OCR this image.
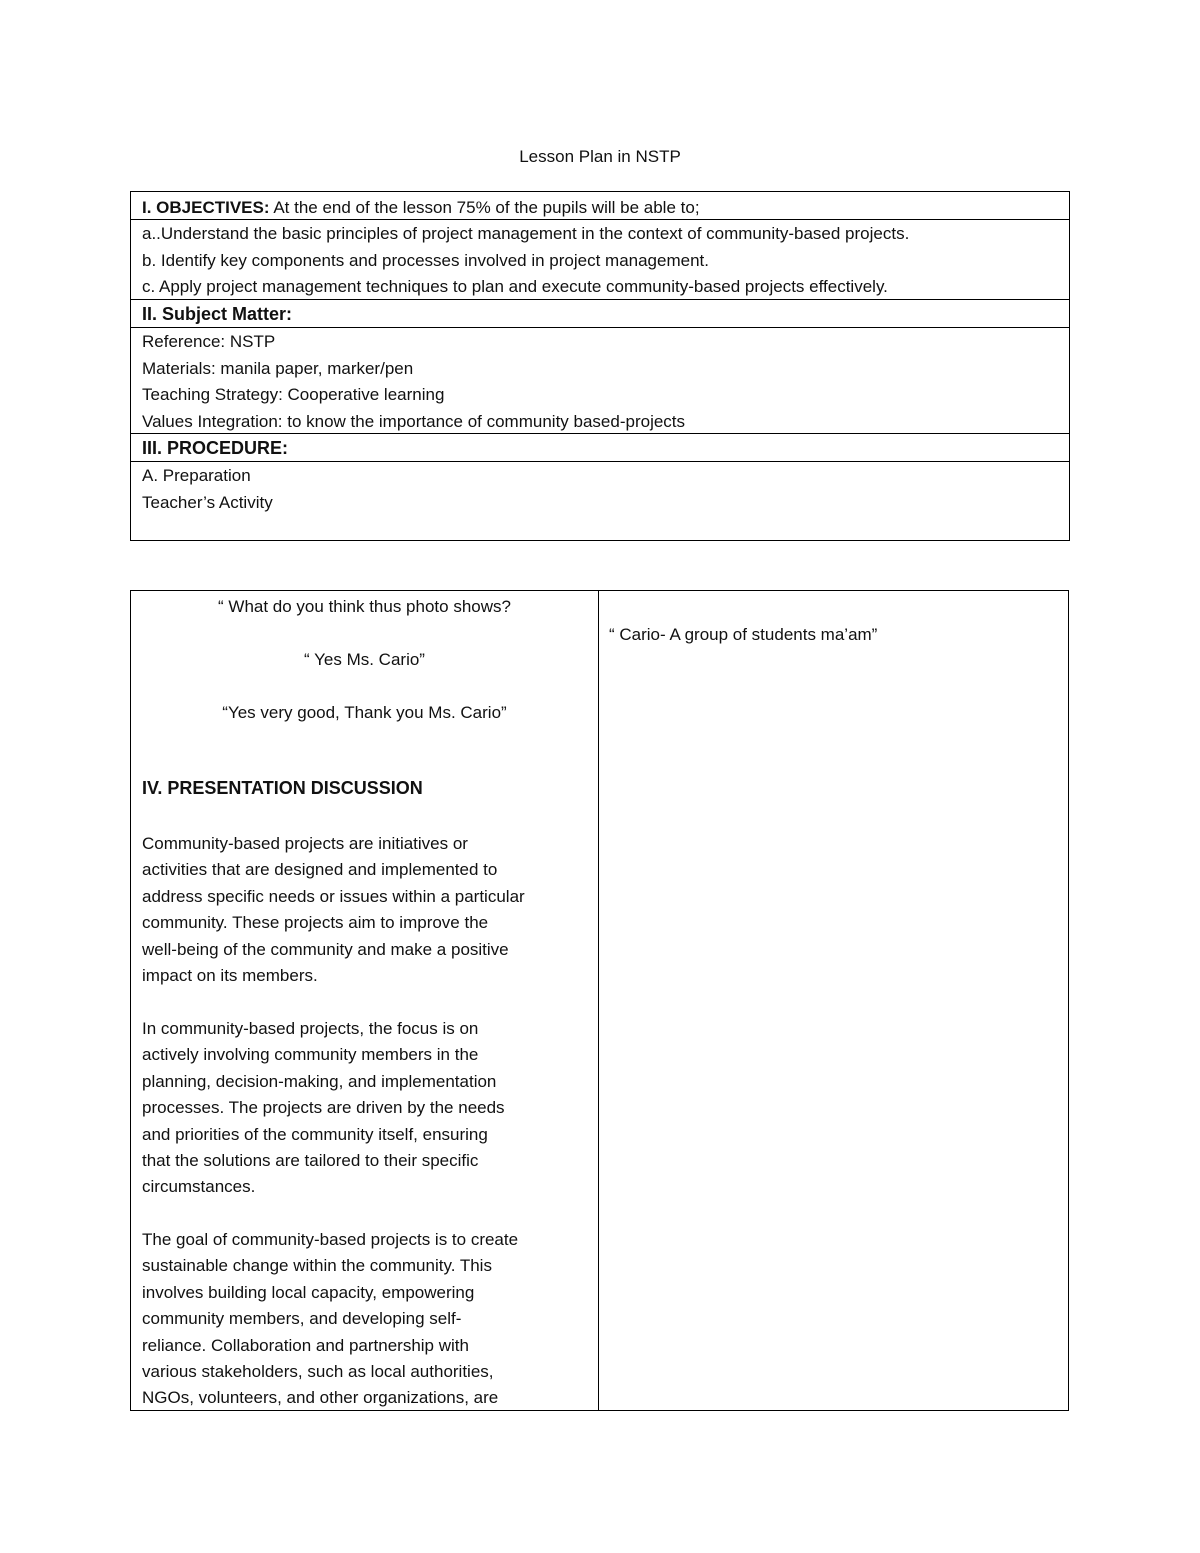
Lesson Plan in NSTP
I. OBJECTIVES: At the end of the lesson 75% of the pupils will be able to;
a..Understand the basic principles of project management in the context of community-based projects.
b. Identify key components and processes involved in project management.
c. Apply project management techniques to plan and execute community-based projects effectively.
II. Subject Matter:
Reference: NSTP
Materials: manila paper, marker/pen
Teaching Strategy: Cooperative learning
Values Integration: to know the importance of community based-projects
III. PROCEDURE:
A. Preparation
Teacher’s Activity
“ What do you think thus photo shows?
“ Yes Ms. Cario”
“Yes very good, Thank you Ms. Cario”
IV. PRESENTATION DISCUSSION
Community-based projects are initiatives or
activities that are designed and implemented to
address specific needs or issues within a particular
community. These projects aim to improve the
well-being of the community and make a positive
impact on its members.
In community-based projects, the focus is on
actively involving community members in the
planning, decision-making, and implementation
processes. The projects are driven by the needs
and priorities of the community itself, ensuring
that the solutions are tailored to their specific
circumstances.
The goal of community-based projects is to create
sustainable change within the community. This
involves building local capacity, empowering
community members, and developing self-
reliance. Collaboration and partnership with
various stakeholders, such as local authorities,
NGOs, volunteers, and other organizations, are
“ Cario- A group of students ma’am”
